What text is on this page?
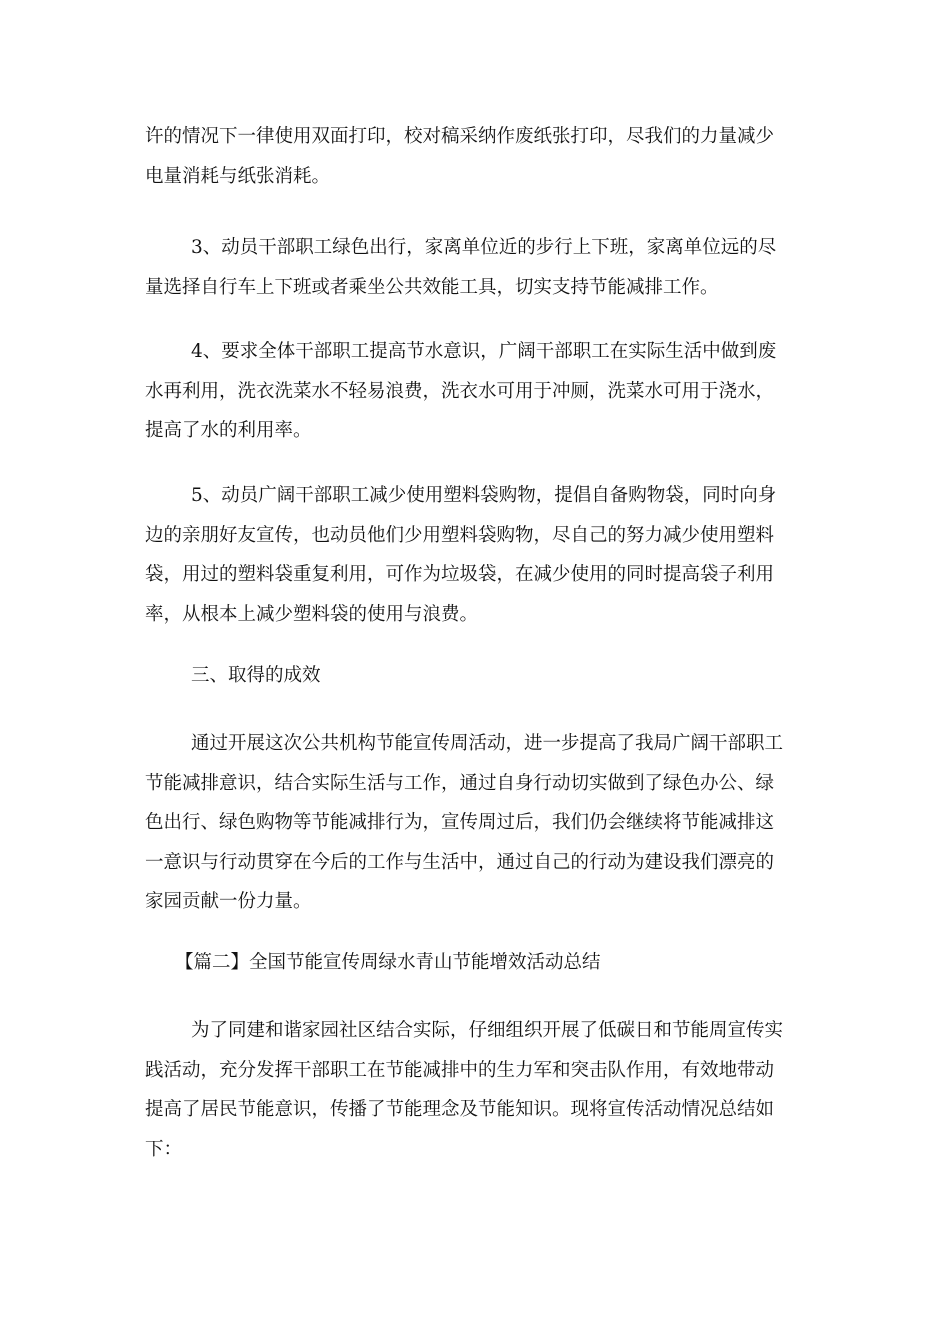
许的情况下一律使用双面打印，校对稿采纳作废纸张打印，尽我们的力量减少
电量消耗与纸张消耗。

3、动员干部职工绿色出行，家离单位近的步行上下班，家离单位远的尽
量选择自行车上下班或者乘坐公共效能工具，切实支持节能减排工作。

4、要求全体干部职工提高节水意识，广阔干部职工在实际生活中做到废
水再利用，洗衣洗菜水不轻易浪费，洗衣水可用于冲厕，洗菜水可用于浇水，
提高了水的利用率。

5、动员广阔干部职工减少使用塑料袋购物，提倡自备购物袋，同时向身
边的亲朋好友宣传，也动员他们少用塑料袋购物，尽自己的努力减少使用塑料
袋，用过的塑料袋重复利用，可作为垃圾袋，在减少使用的同时提高袋子利用
率，从根本上减少塑料袋的使用与浪费。

三、取得的成效

通过开展这次公共机构节能宣传周活动，进一步提高了我局广阔干部职工
节能减排意识，结合实际生活与工作，通过自身行动切实做到了绿色办公、绿
色出行、绿色购物等节能减排行为，宣传周过后，我们仍会继续将节能减排这
一意识与行动贯穿在今后的工作与生活中，通过自己的行动为建设我们漂亮的
家园贡献一份力量。

【篇二】全国节能宣传周绿水青山节能增效活动总结

为了同建和谐家园社区结合实际，仔细组织开展了低碳日和节能周宣传实
践活动，充分发挥干部职工在节能减排中的生力军和突击队作用，有效地带动
提高了居民节能意识，传播了节能理念及节能知识。现将宣传活动情况总结如
下：
